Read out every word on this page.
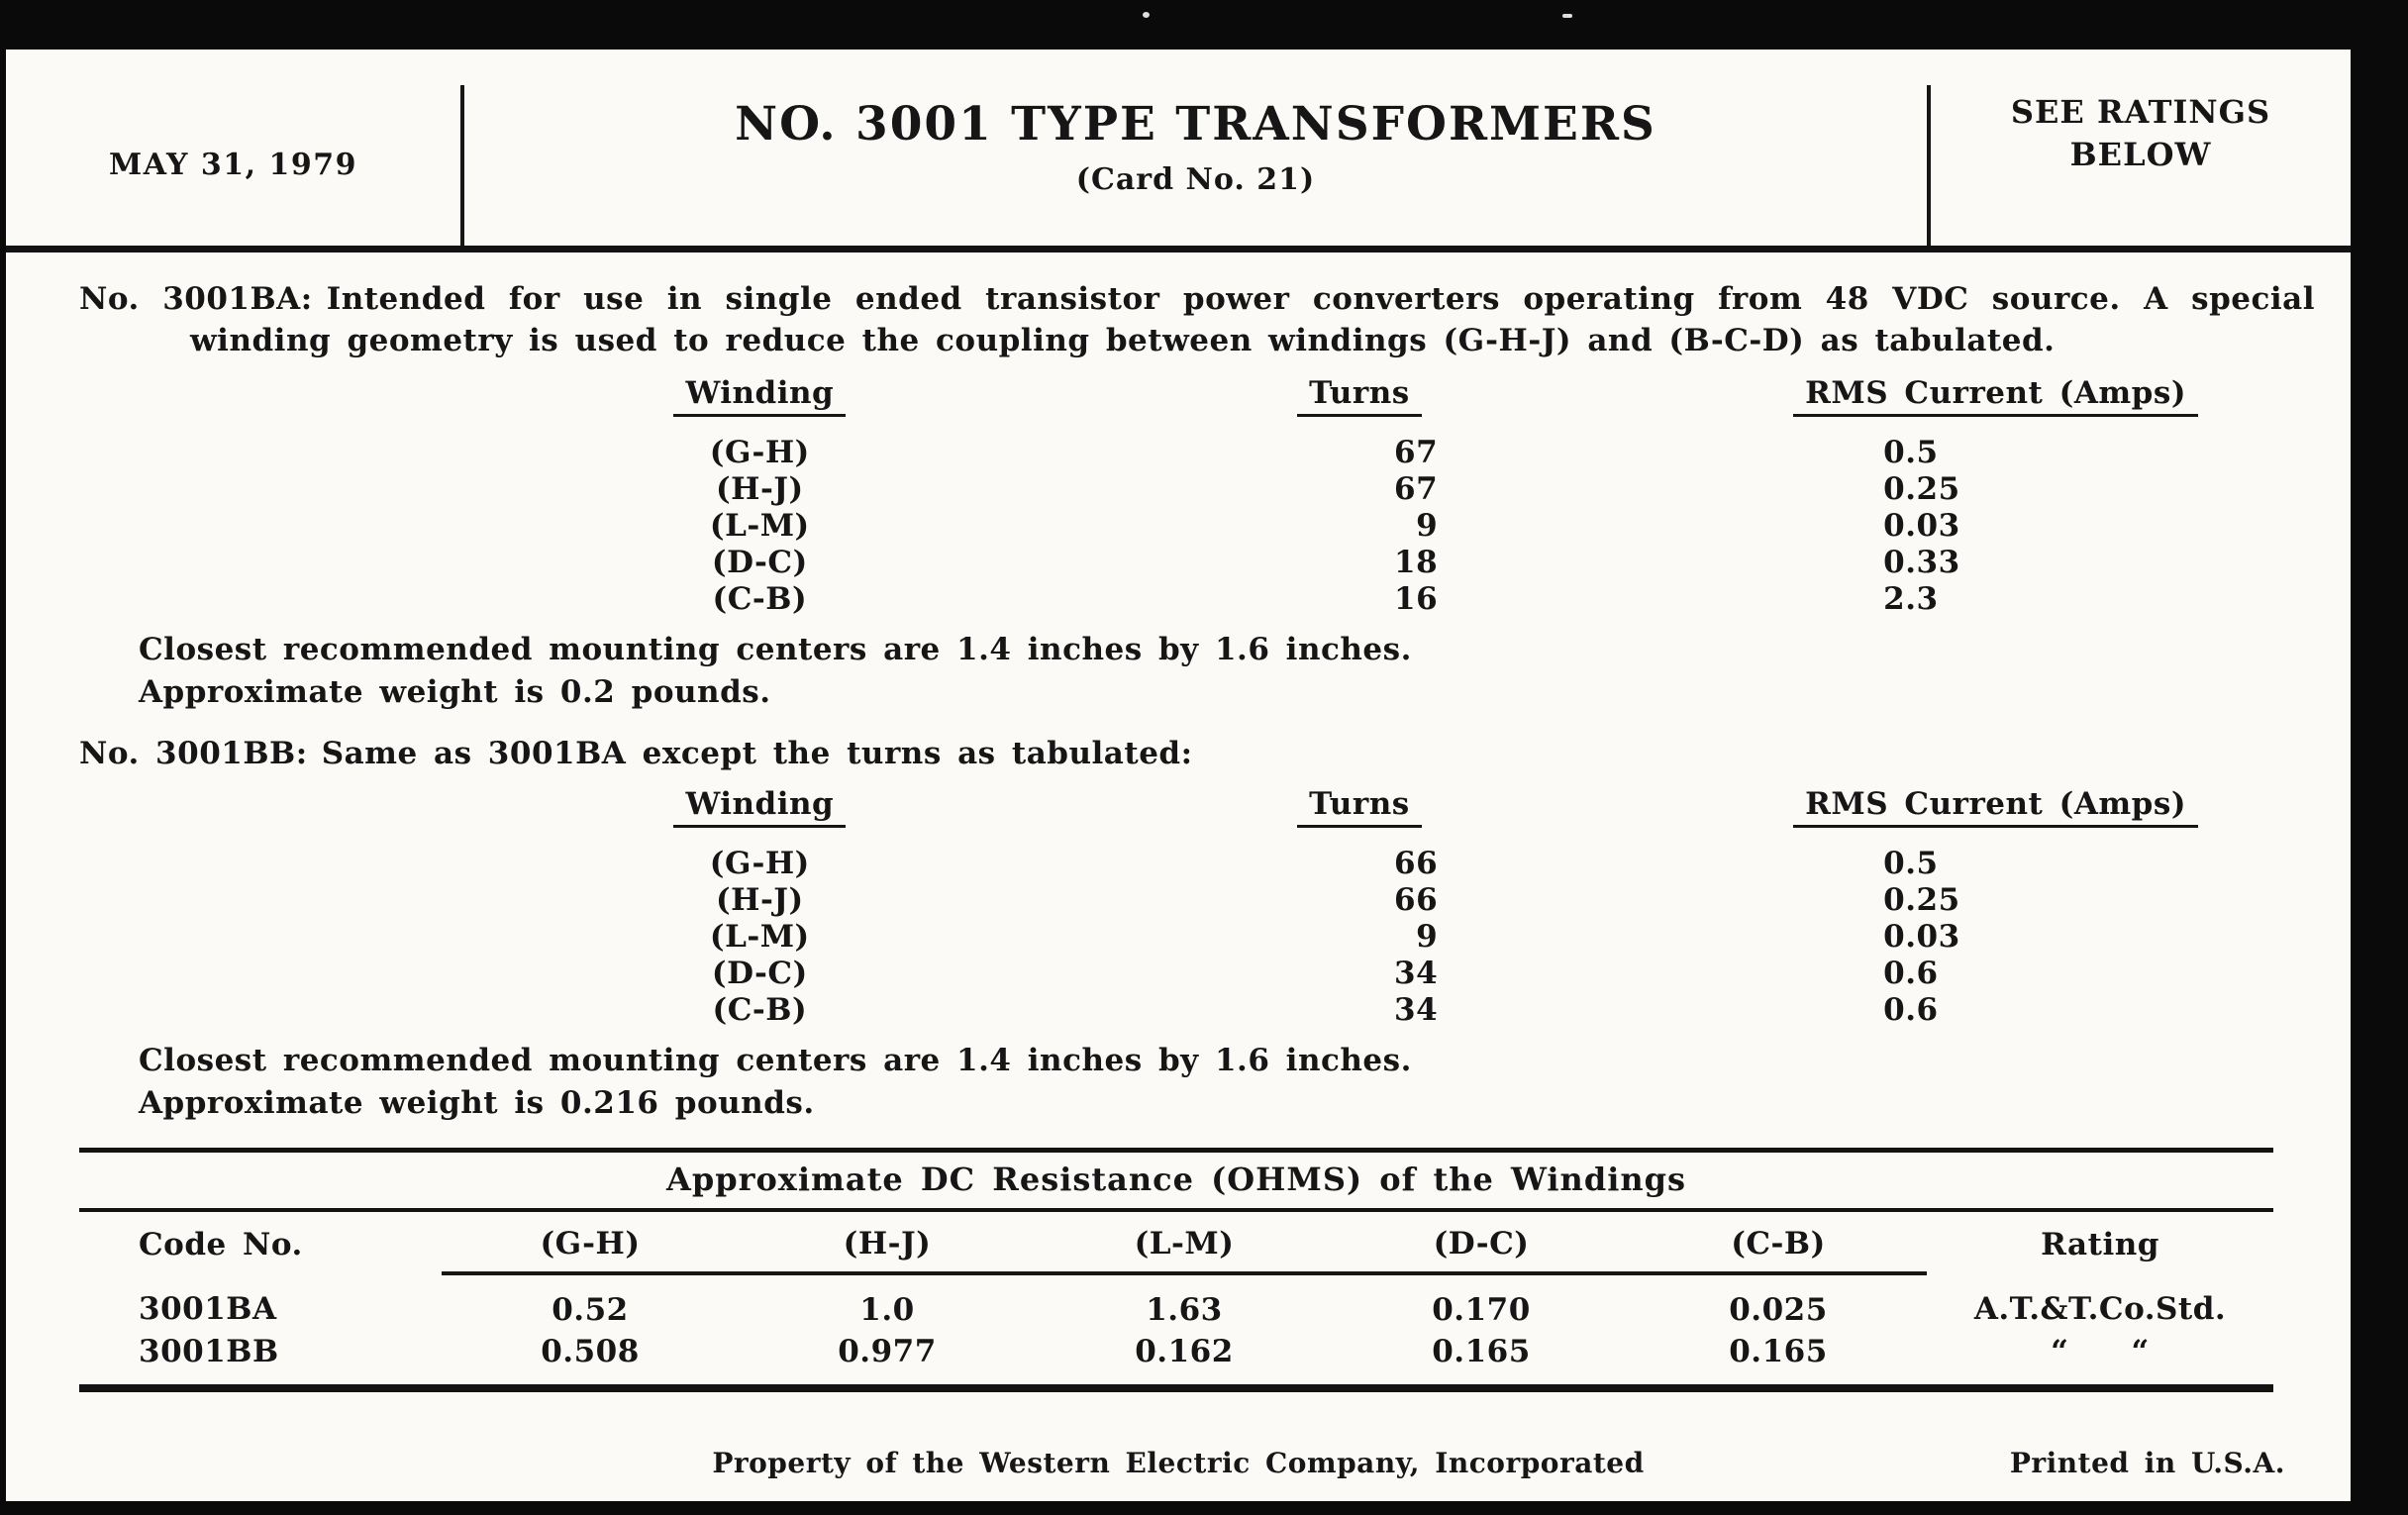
MAY 31, 1979
NO. 3001 TYPE TRANSFORMERS
(Card No. 21)
SEE RATINGS
BELOW

No. 3001BA: Intended for use in single ended transistor power converters operating from 48 VDC source. A special winding geometry is used to reduce the coupling between windings (G-H-J) and (B-C-D) as tabulated.

Winding	Turns	RMS Current (Amps)
(G-H)	67	0.5
(H-J)	67	0.25
(L-M)	9	0.03
(D-C)	18	0.33
(C-B)	16	2.3

Closest recommended mounting centers are 1.4 inches by 1.6 inches.

Approximate weight is 0.2 pounds.

No. 3001BB: Same as 3001BA except the turns as tabulated:

Winding	Turns	RMS Current (Amps)
(G-H)	66	0.5
(H-J)	66	0.25
(L-M)	9	0.03
(D-C)	34	0.6
(C-B)	34	0.6

Closest recommended mounting centers are 1.4 inches by 1.6 inches.

Approximate weight is 0.216 pounds.

Approximate DC Resistance (OHMS) of the Windings
Code No.	(G-H)	(H-J)	(L-M)	(D-C)	(C-B)	Rating
3001BA	0.52	1.0	1.63	0.170	0.025	A.T.&T.Co.Std.
3001BB	0.508	0.977	0.162	0.165	0.165	“  “
Property of the Western Electric Company, Incorporated	Printed in U.S.A.
